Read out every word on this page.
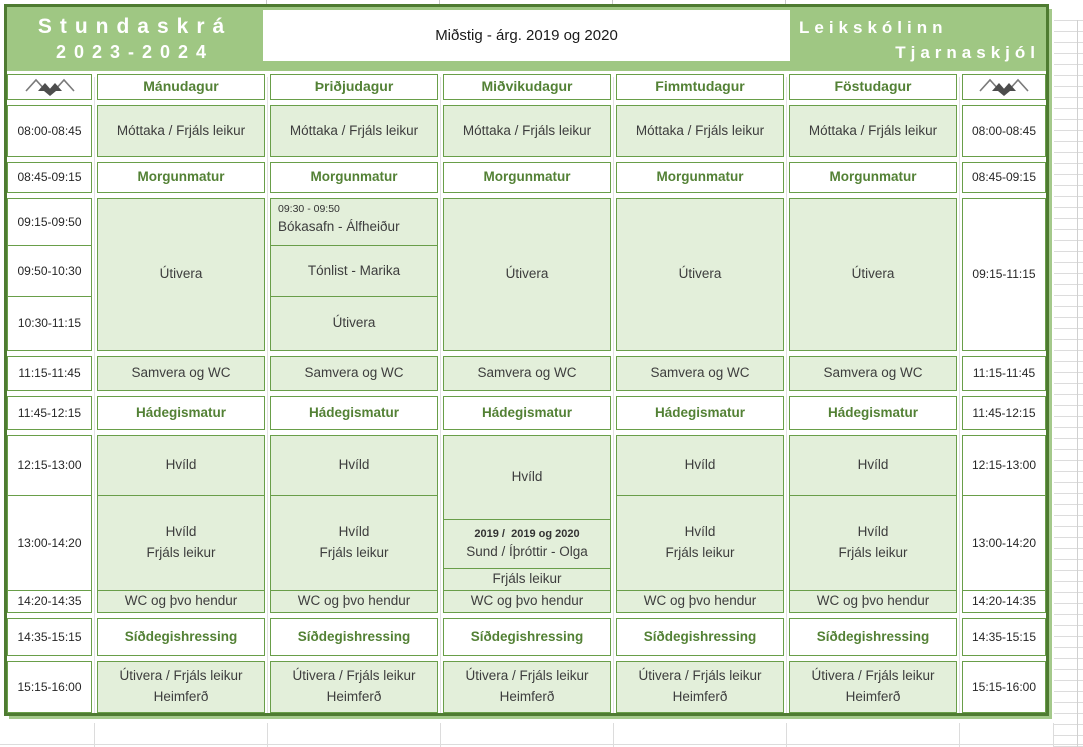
Stundaskrá
2023-2024
Miðstig - árg. 2019 og 2020	Leikskólinn
Tjarnaskjól
08:00-08:45
08:45-09:15
09:15-09:50
09:50-10:30
10:30-11:15
11:15-11:45
11:45-12:15
12:15-13:00
13:00-14:20
14:20-14:35
14:35-15:15
15:15-16:00
Mánudagur
Móttaka / Frjáls leikur
Morgunmatur
Útivera
Samvera og WC
Hádegismatur
Hvíld
Hvíld
Frjáls leikur
WC og þvo hendur
Síðdegishressing
Útivera / Frjáls leikur
Heimferð
Þriðjudagur
Móttaka / Frjáls leikur
Morgunmatur
09:30 - 09:50
Bókasafn - Álfheiður
Tónlist - Marika
Útivera
Samvera og WC
Hádegismatur
Hvíld
Hvíld
Frjáls leikur
WC og þvo hendur
Síðdegishressing
Útivera / Frjáls leikur
Heimferð
Miðvikudagur
Móttaka / Frjáls leikur
Morgunmatur
Útivera
Samvera og WC
Hádegismatur
Hvíld
2019 /  2019 og 2020
Sund / Íþróttir - Olga
Frjáls leikur
WC og þvo hendur
Síðdegishressing
Útivera / Frjáls leikur
Heimferð
Fimmtudagur
Móttaka / Frjáls leikur
Morgunmatur
Útivera
Samvera og WC
Hádegismatur
Hvíld
Hvíld
Frjáls leikur
WC og þvo hendur
Síðdegishressing
Útivera / Frjáls leikur
Heimferð
Föstudagur
Móttaka / Frjáls leikur
Morgunmatur
Útivera
Samvera og WC
Hádegismatur
Hvíld
Hvíld
Frjáls leikur
WC og þvo hendur
Síðdegishressing
Útivera / Frjáls leikur
Heimferð
08:00-08:45
08:45-09:15
09:15-11:15
11:15-11:45
11:45-12:15
12:15-13:00
13:00-14:20
14:20-14:35
14:35-15:15
15:15-16:00
